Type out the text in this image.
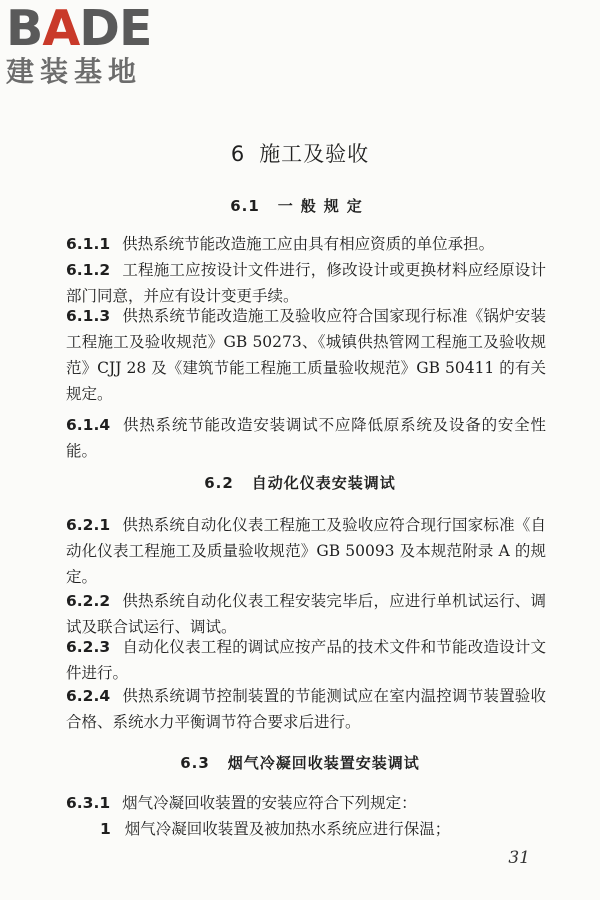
BADE
建装基地
6 施工及验收
6.1 一般规定
6.1.1 供热系统节能改造施工应由具有相应资质的单位承担。
6.1.2 工程施工应按设计文件进行，修改设计或更换材料应经原设计部门同意，并应有设计变更手续。
6.1.3 供热系统节能改造施工及验收应符合国家现行标准《锅炉安装工程施工及验收规范》GB 50273、《城镇供热管网工程施工及验收规范》CJJ 28 及《建筑节能工程施工质量验收规范》GB 50411 的有关规定。
6.1.4 供热系统节能改造安装调试不应降低原系统及设备的安全性能。
6.2 自动化仪表安装调试
6.2.1 供热系统自动化仪表工程施工及验收应符合现行国家标准《自动化仪表工程施工及质量验收规范》GB 50093 及本规范附录 A 的规定。
6.2.2 供热系统自动化仪表工程安装完毕后，应进行单机试运行、调试及联合试运行、调试。
6.2.3 自动化仪表工程的调试应按产品的技术文件和节能改造设计文件进行。
6.2.4 供热系统调节控制装置的节能测试应在室内温控调节装置验收合格、系统水力平衡调节符合要求后进行。
6.3 烟气冷凝回收装置安装调试
6.3.1 烟气冷凝回收装置的安装应符合下列规定：
1 烟气冷凝回收装置及被加热水系统应进行保温；
31
